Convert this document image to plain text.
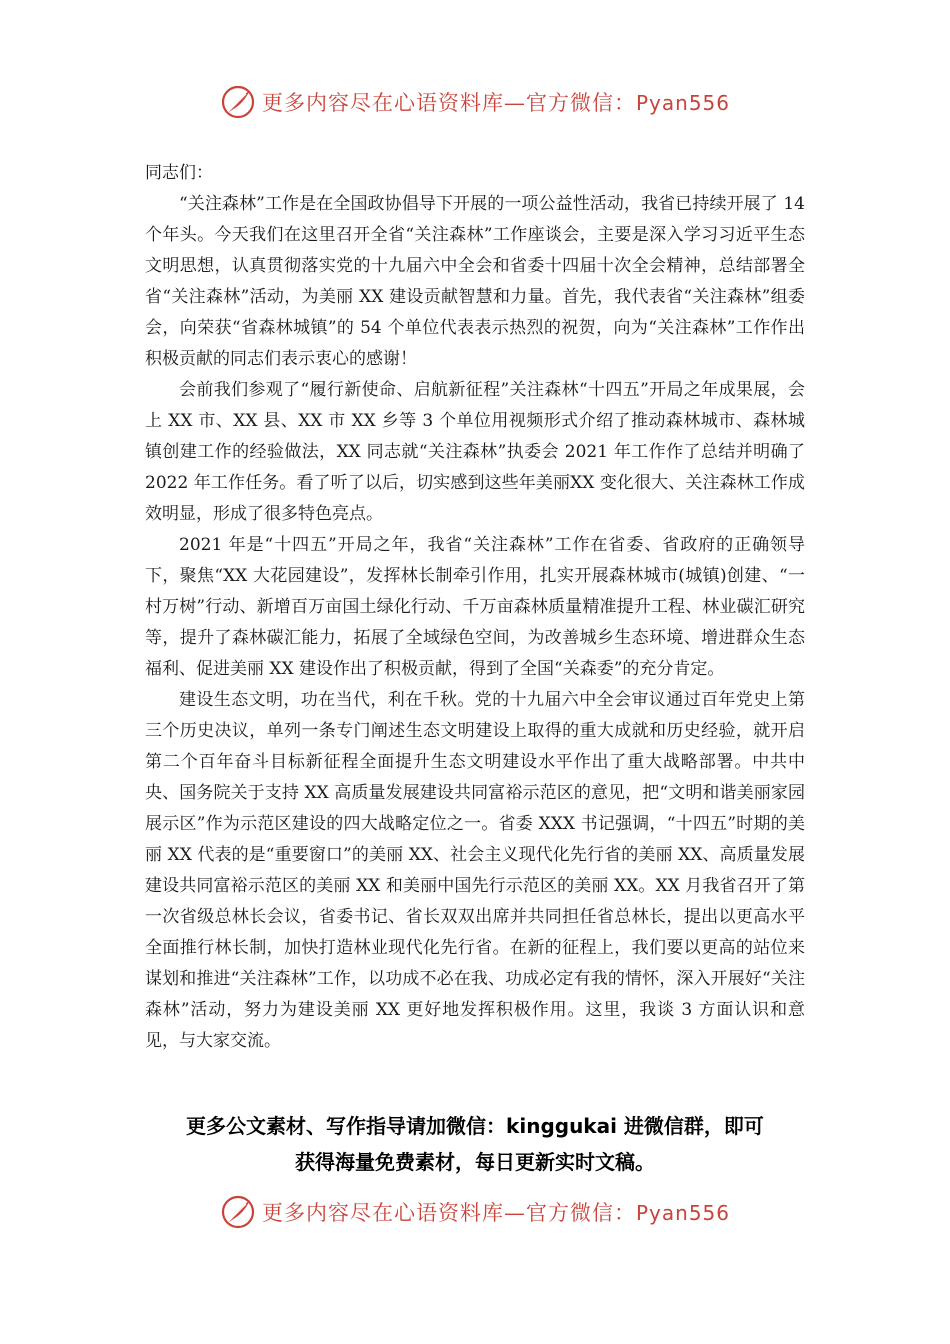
更多内容尽在心语资料库—官方微信：Pyan556

同志们：

“关注森林”工作是在全国政协倡导下开展的一项公益性活动，我省已持续开展了 14 个年头。今天我们在这里召开全省“关注森林”工作座谈会，主要是深入学习习近平生态文明思想，认真贯彻落实党的十九届六中全会和省委十四届十次全会精神，总结部署全省“关注森林”活动，为美丽 XX 建设贡献智慧和力量。首先，我代表省“关注森林”组委会，向荣获“省森林城镇”的 54 个单位代表表示热烈的祝贺，向为“关注森林”工作作出积极贡献的同志们表示衷心的感谢！

会前我们参观了“履行新使命、启航新征程”关注森林“十四五”开局之年成果展，会上 XX 市、XX 县、XX 市 XX 乡等 3 个单位用视频形式介绍了推动森林城市、森林城镇创建工作的经验做法，XX 同志就“关注森林”执委会 2021 年工作作了总结并明确了 2022 年工作任务。看了听了以后，切实感到这些年美丽XX 变化很大、关注森林工作成效明显，形成了很多特色亮点。

2021 年是“十四五”开局之年，我省“关注森林”工作在省委、省政府的正确领导下，聚焦“XX 大花园建设”，发挥林长制牵引作用，扎实开展森林城市(城镇)创建、“一村万树”行动、新增百万亩国土绿化行动、千万亩森林质量精准提升工程、林业碳汇研究等，提升了森林碳汇能力，拓展了全域绿色空间，为改善城乡生态环境、增进群众生态福利、促进美丽 XX 建设作出了积极贡献，得到了全国“关森委”的充分肯定。

建设生态文明，功在当代，利在千秋。党的十九届六中全会审议通过百年党史上第三个历史决议，单列一条专门阐述生态文明建设上取得的重大成就和历史经验，就开启第二个百年奋斗目标新征程全面提升生态文明建设水平作出了重大战略部署。中共中央、国务院关于支持 XX 高质量发展建设共同富裕示范区的意见，把“文明和谐美丽家园展示区”作为示范区建设的四大战略定位之一。省委 XXX 书记强调，“十四五”时期的美丽 XX 代表的是“重要窗口”的美丽 XX、社会主义现代化先行省的美丽 XX、高质量发展建设共同富裕示范区的美丽 XX 和美丽中国先行示范区的美丽 XX。XX 月我省召开了第一次省级总林长会议，省委书记、省长双双出席并共同担任省总林长，提出以更高水平全面推行林长制，加快打造林业现代化先行省。在新的征程上，我们要以更高的站位来谋划和推进“关注森林”工作，以功成不必在我、功成必定有我的情怀，深入开展好“关注森林”活动，努力为建设美丽 XX 更好地发挥积极作用。这里，我谈 3 方面认识和意见，与大家交流。

更多公文素材、写作指导请加微信：kinggukai 进微信群，即可
获得海量免费素材，每日更新实时文稿。
更多内容尽在心语资料库—官方微信：Pyan556
